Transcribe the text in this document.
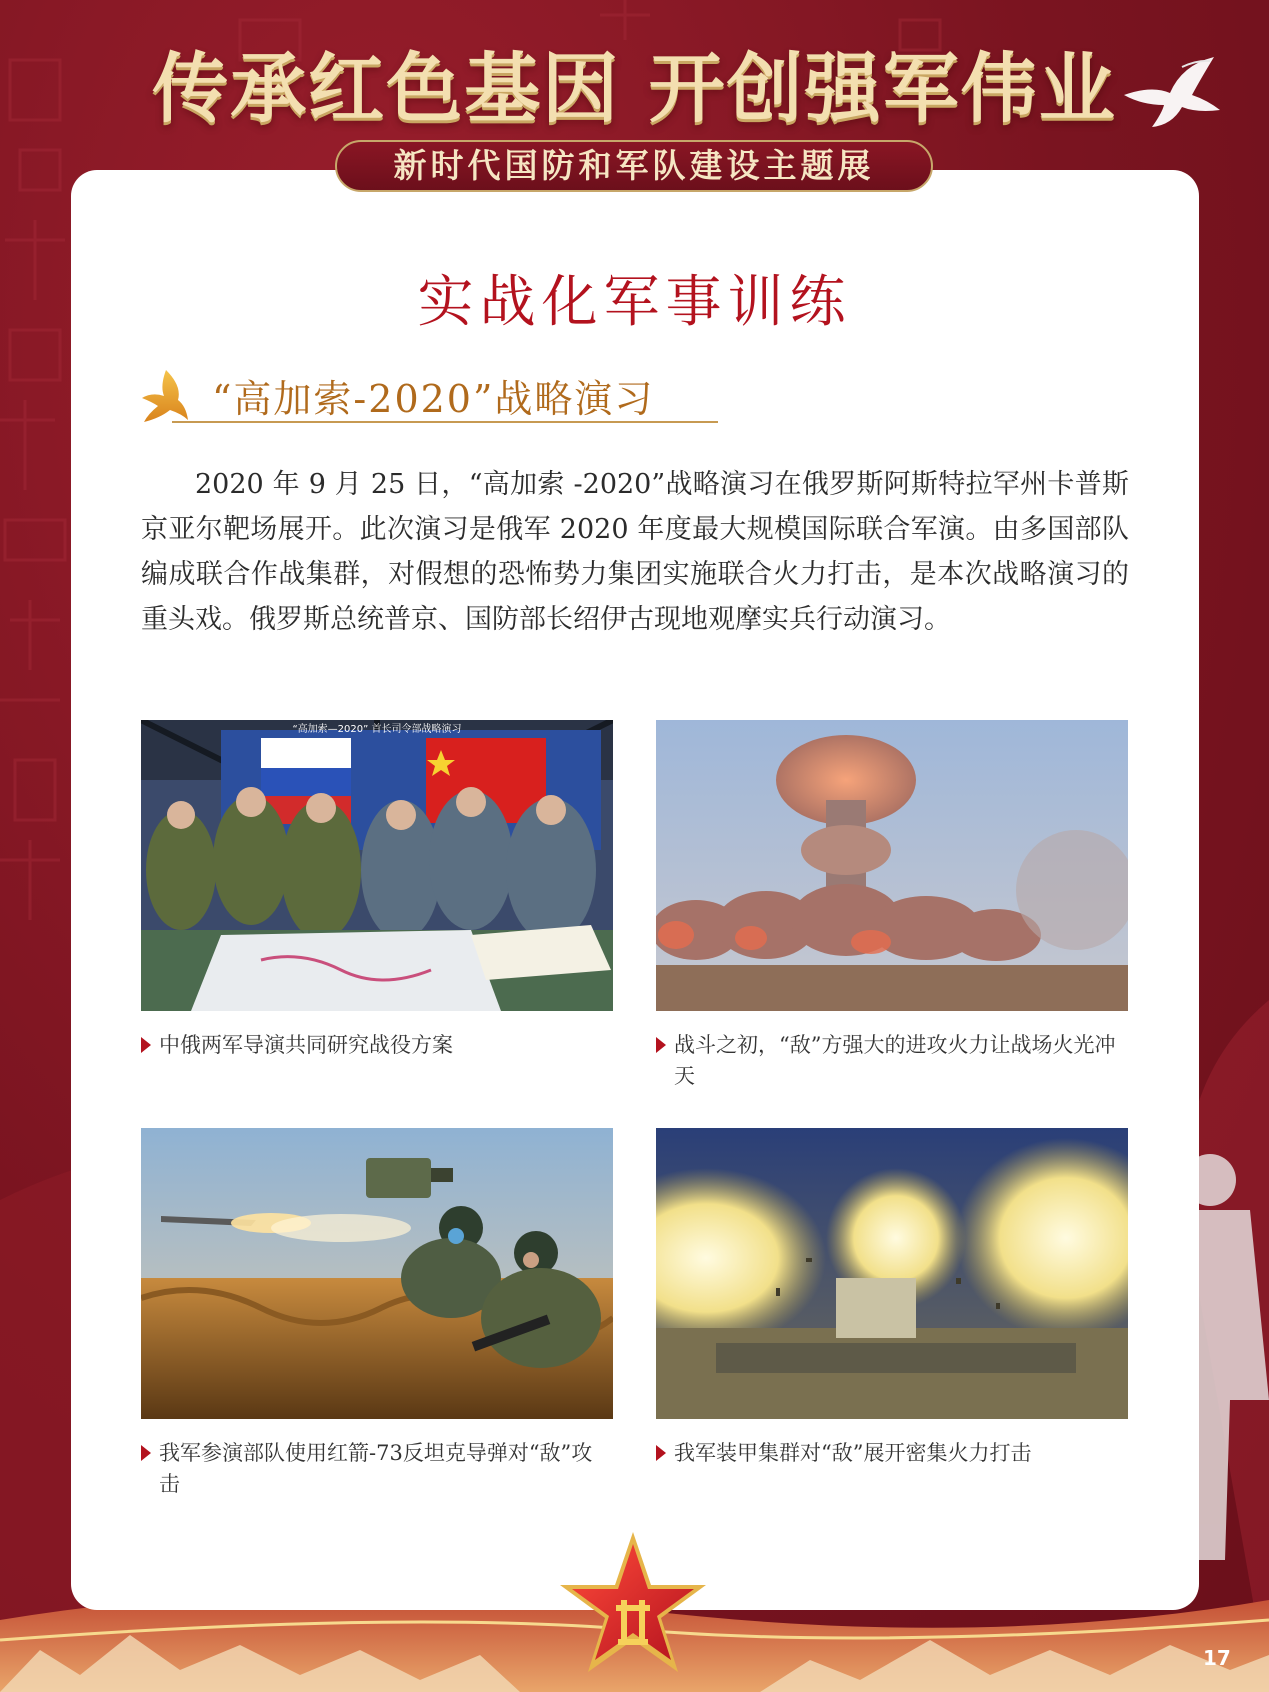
传承红色基因 开创强军伟业
新时代国防和军队建设主题展
实战化军事训练
“高加索-2020”战略演习

2020 年 9 月 25 日，“高加索 -2020”战略演习在俄罗斯阿斯特拉罕州卡普斯京亚尔靶场展开。此次演习是俄军 2020 年度最大规模国际联合军演。由多国部队编成联合作战集群，对假想的恐怖势力集团实施联合火力打击，是本次战略演习的重头戏。俄罗斯总统普京、国防部长绍伊古现地观摩实兵行动演习。

“高加索—2020” 首长司令部战略演习
中俄两军导演共同研究战役方案	战斗之初，“敌”方强大的进攻火力让战场火光冲天
我军参演部队使用红箭-73反坦克导弹对“敌”攻击
我军装甲集群对“敌”展开密集火力打击
17
